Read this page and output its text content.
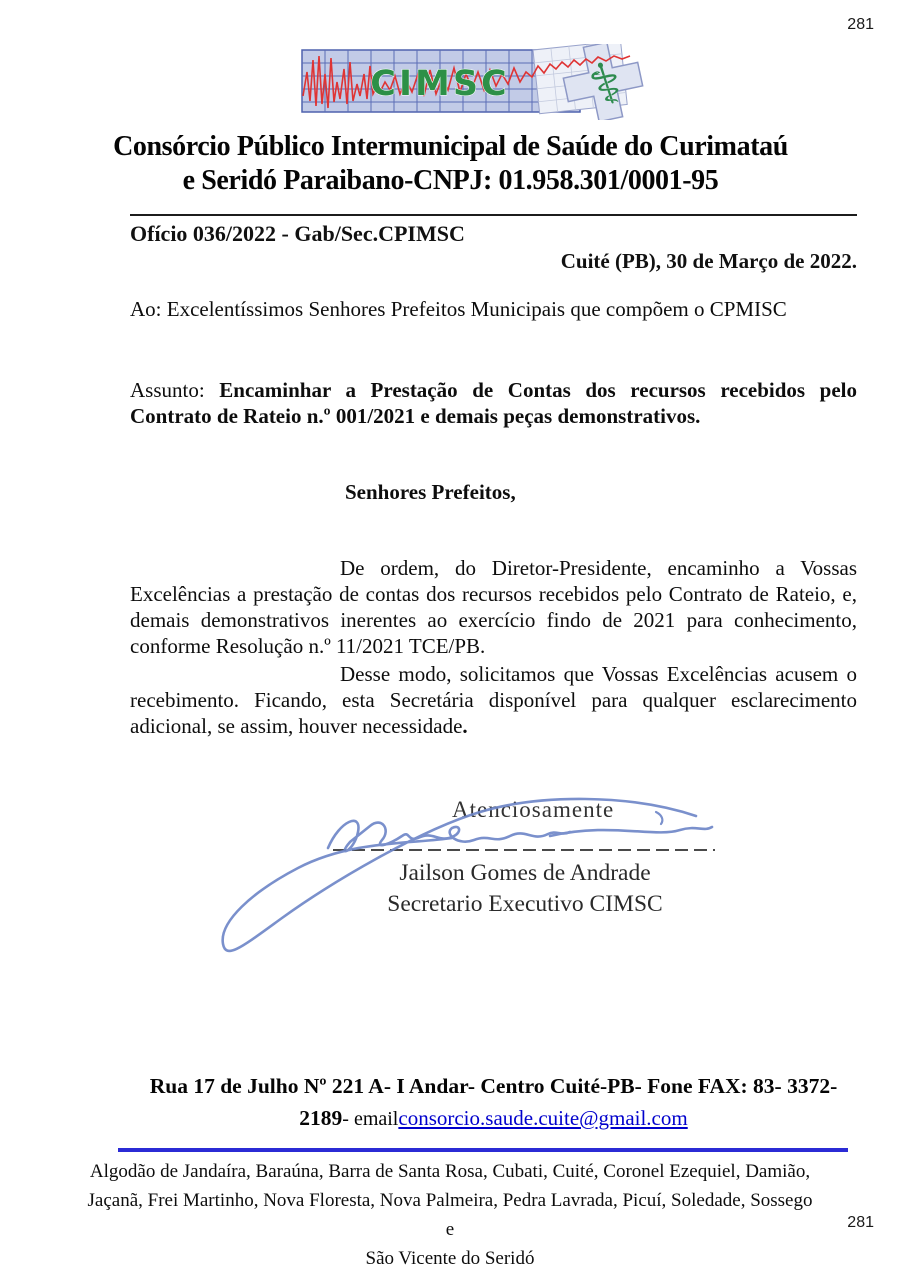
281
CIMSC ⚕
Consórcio Público Intermunicipal de Saúde do Curimataú
e Seridó Paraibano-CNPJ: 01.958.301/0001-95
Ofício 036/2022 - Gab/Sec.CPIMSC
Cuité (PB), 30 de Março de 2022.
Ao: Excelentíssimos Senhores Prefeitos Municipais que compõem o CPMISC
Assunto: Encaminhar a Prestação de Contas dos recursos recebidos pelo Contrato de Rateio n.º 001/2021 e demais peças demonstrativos.
Senhores Prefeitos,
De ordem, do Diretor-Presidente, encaminho a Vossas Excelências a prestação de contas dos recursos recebidos pelo Contrato de Rateio, e, demais demonstrativos inerentes ao exercício findo de 2021 para conhecimento, conforme Resolução n.º 11/2021 TCE/PB.
Desse modo, solicitamos que Vossas Excelências acusem o recebimento. Ficando, esta Secretária disponível para qualquer esclarecimento adicional, se assim, houver necessidade.
Atenciosamente
Jailson Gomes de Andrade
Secretario Executivo CIMSC
Rua 17 de Julho Nº 221 A- I Andar- Centro Cuité-PB- Fone FAX: 83- 3372-
2189- emailconsorcio.saude.cuite@gmail.com
Algodão de Jandaíra, Baraúna, Barra de Santa Rosa, Cubati, Cuité, Coronel Ezequiel, Damião,
Jaçanã, Frei Martinho, Nova Floresta, Nova Palmeira, Pedra Lavrada, Picuí, Soledade, Sossego e
São Vicente do Seridó
281
